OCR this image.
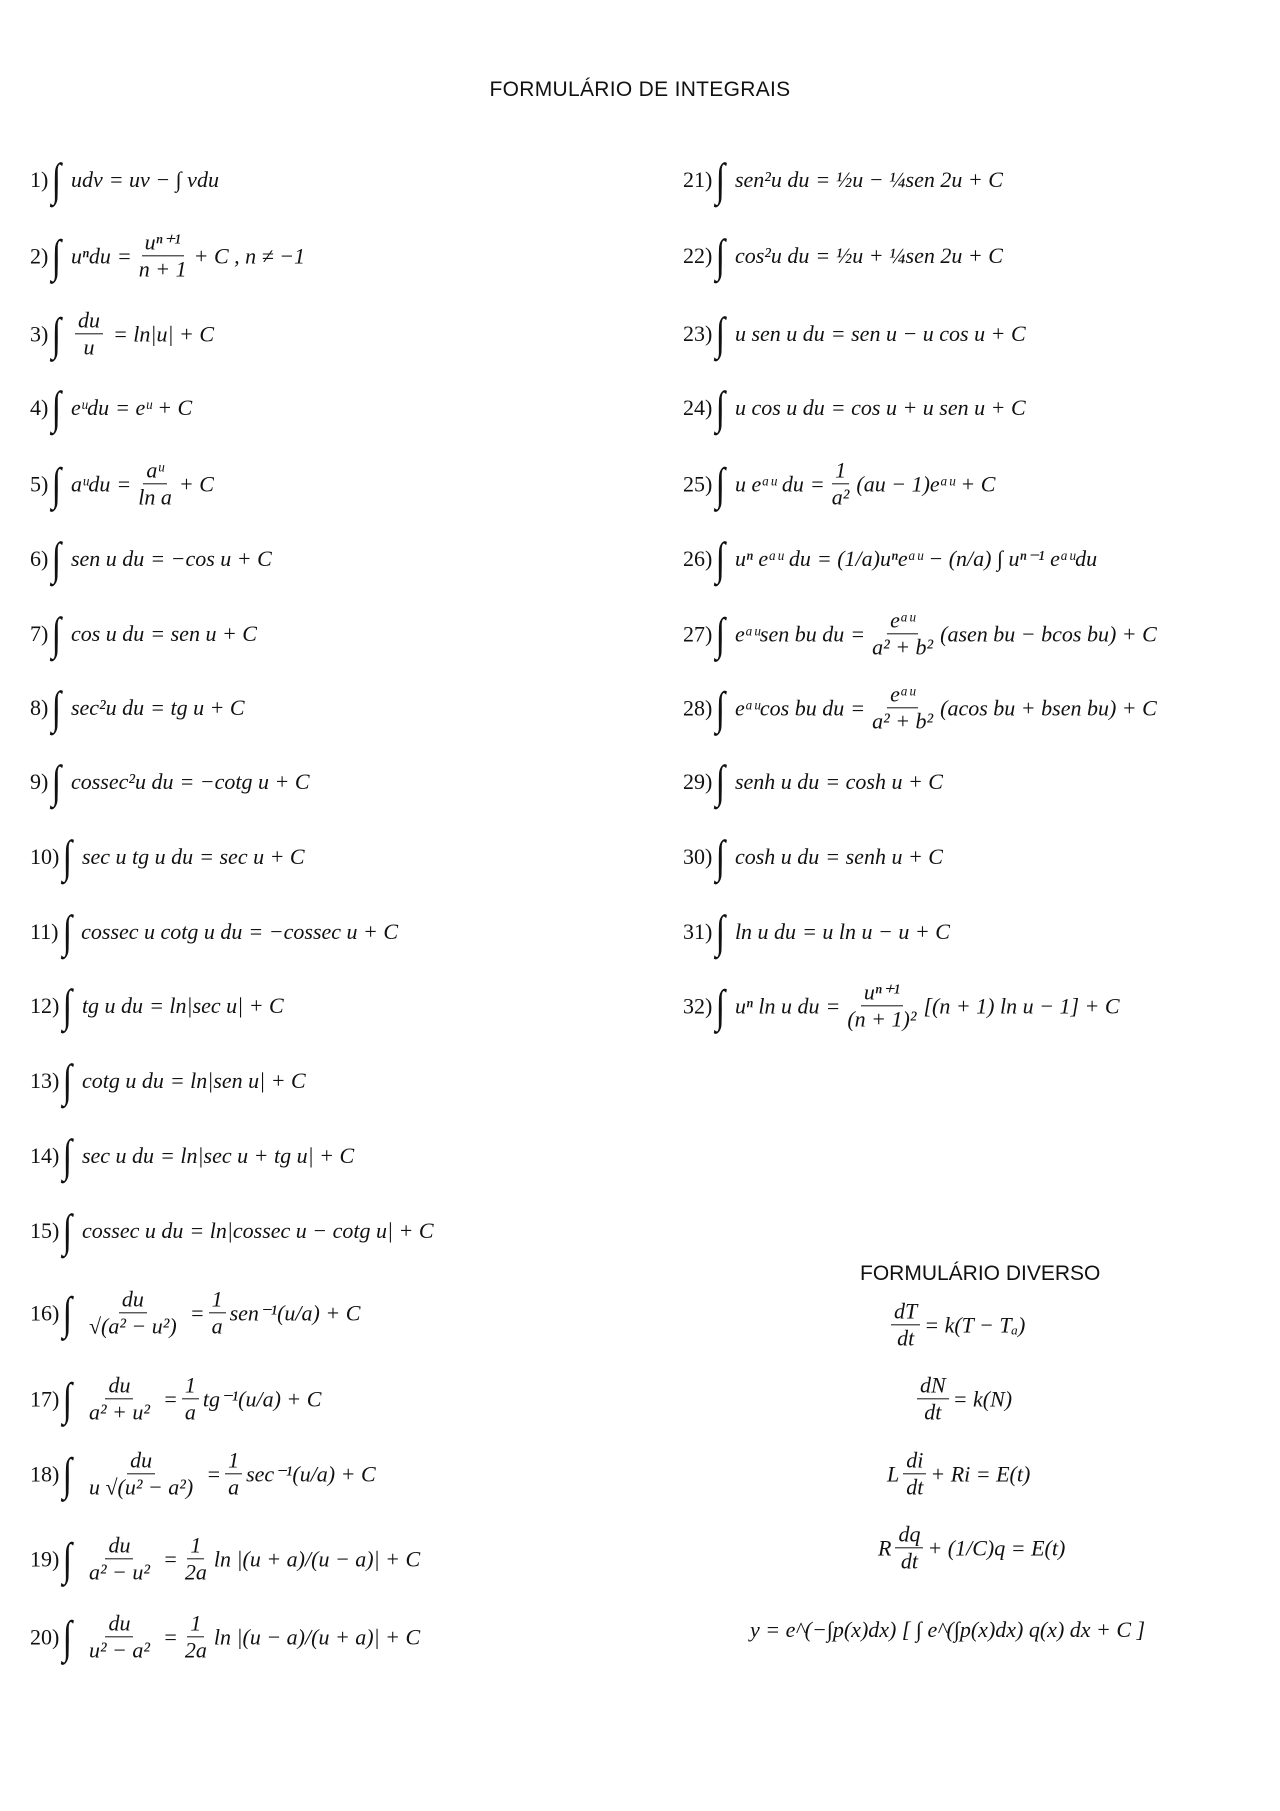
FORMULÁRIO DE INTEGRAIS
FORMULÁRIO DIVERSO
1) ∫ udv = uv − ∫ vdu
2) ∫ $u^ndu = \frac{\text{uⁿ⁺¹}}{n + 1} + C$ , n ≠ −1
3) ∫ $\frac{du}{u} = \ln|u| + C$
4) ∫ eᵘdu = eᵘ + C
5) ∫ aᵘdu = $\frac{\text{aᵘ}}{\text{ln a}} + C$
6) ∫ sen u du = −cos u + C
7) ∫ cos u du = sen u + C
8) ∫ sec²u du = tg u + C
9) ∫ cossec²u du = −cotg u + C
10) ∫ sec u tg u du = sec u + C
11) ∫ cossec u cotg u du = −cossec u + C
12) ∫ tg u du = ln|sec u| + C
13) ∫ cotg u du = ln|sen u| + C
14) ∫ sec u du = ln|sec u + tg u| + C
15) ∫ cossec u du = ln|cossec u − cotg u| + C
16) ∫ $\frac{du}{\text{√(a² − u²)}} = \frac{1}{a} sen^{-1}(u/a) + C$
17) ∫ $\frac{du}{\text{a² + u²}} = \frac{1}{a} tg^{-1}(u/a) + C$
18) ∫ $\frac{du}{\text{u √(u² − a²)}} = \frac{1}{a} \sec^{-1}(u/a) + C$
19) ∫ $\frac{du}{\text{a² − u²}} = \frac{1}{2a}$ ln |(u + a)/(u − a)| + C
20) ∫ $\frac{du}{\text{u² − a²}} = \frac{1}{2a}$ ln |(u − a)/(u + a)| + C
21) ∫ sen²u du = ½u − ¼sen 2u + C
22) ∫ cos²u du = ½u + ¼sen 2u + C
23) ∫ u sen u du = sen u − u cos u + C
24) ∫ u cos u du = cos u + u sen u + C
25) ∫ u eᵃᵘ du = $\frac{1}{\text{a²}} (au$ − 1)eᵃᵘ + C
26) ∫ uⁿ eᵃᵘ du = (1/a)uⁿeᵃᵘ − (n/a) ∫ uⁿ⁻¹ eᵃᵘdu
27) ∫ eᵃᵘsen bu du = $\frac{\text{eᵃᵘ}}{\text{a² + b²}}$ (asen bu − bcos bu) + C
28) ∫ eᵃᵘcos bu du = $\frac{\text{eᵃᵘ}}{\text{a² + b²}} (acos$ bu + bsen bu) + C
29) ∫ senh u du = cosh u + C
30) ∫ cosh u du = senh u + C
31) ∫ ln u du = u ln u − u + C
32) ∫ uⁿ ln u du = $\frac{\text{uⁿ⁺¹}}{\text{(n + 1)²}} [(n + 1)$ ln u − 1] + C
$\frac{dT}{dt} = k(T - T_a)$
$\frac{dN}{dt} = k(N)$
L $\frac{di}{dt} + Ri = E(t)$
R $\frac{dq}{dt} + (1/C)q = E(t)$
y = e^(−∫p(x)dx) [ ∫ e^(∫p(x)dx) q(x) dx + C ]
